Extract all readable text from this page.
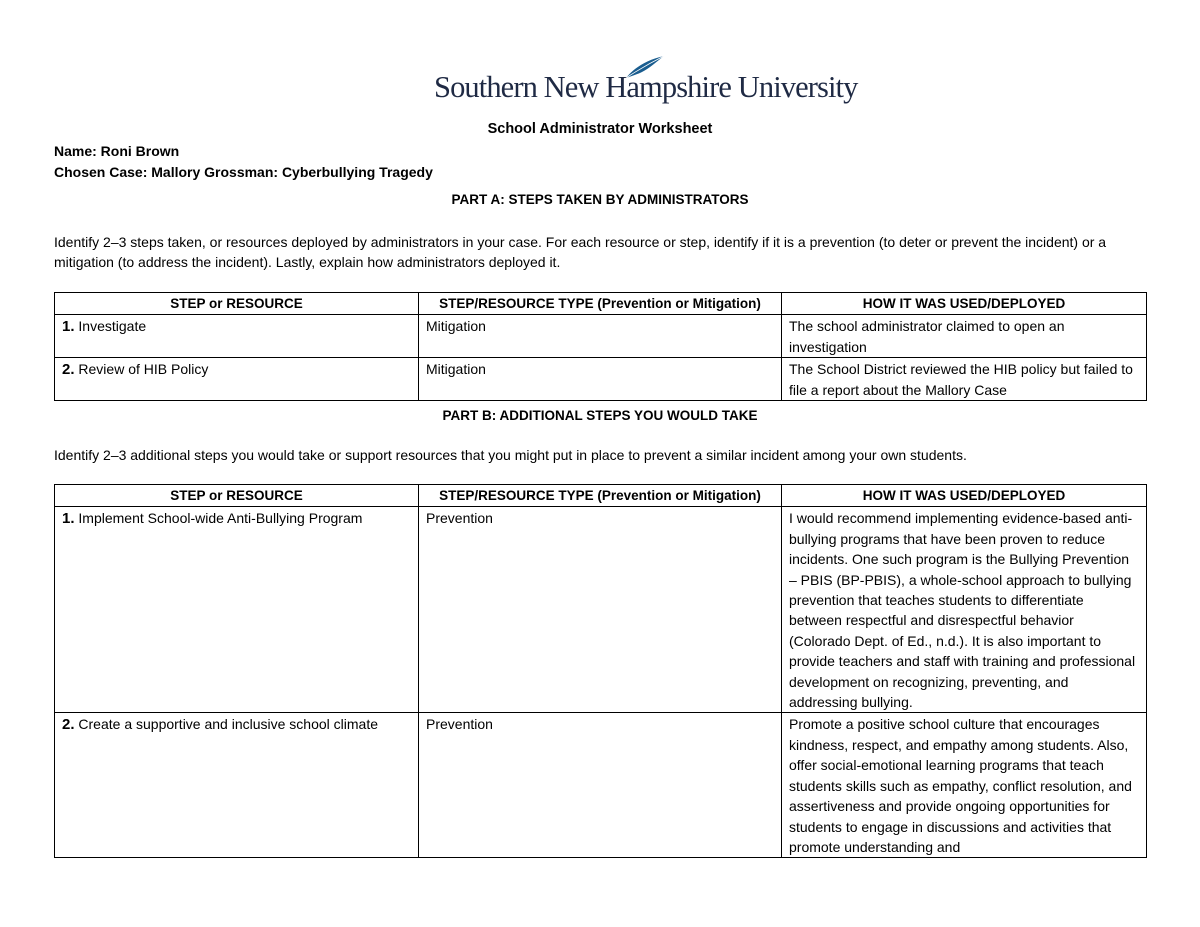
Southern New Hampshire University
School Administrator Worksheet
Name: Roni Brown
Chosen Case: Mallory Grossman: Cyberbullying Tragedy
PART A: STEPS TAKEN BY ADMINISTRATORS
Identify 2–3 steps taken, or resources deployed by administrators in your case. For each resource or step, identify if it is a prevention (to deter or prevent the incident) or a mitigation (to address the incident). Lastly, explain how administrators deployed it.
STEP or RESOURCE	STEP/RESOURCE TYPE (Prevention or Mitigation)	HOW IT WAS USED/DEPLOYED
1. Investigate	Mitigation	The school administrator claimed to open an investigation
2. Review of HIB Policy	Mitigation	The School District reviewed the HIB policy but failed to file a report about the Mallory Case
PART B: ADDITIONAL STEPS YOU WOULD TAKE
Identify 2–3 additional steps you would take or support resources that you might put in place to prevent a similar incident among your own students.
STEP or RESOURCE	STEP/RESOURCE TYPE (Prevention or Mitigation)	HOW IT WAS USED/DEPLOYED
1. Implement School-wide Anti-Bullying Program	Prevention	I would recommend implementing evidence-based anti-bullying programs that have been proven to reduce incidents. One such program is the Bullying Prevention – PBIS (BP-PBIS), a whole-school approach to bullying prevention that teaches students to differentiate between respectful and disrespectful behavior (Colorado Dept. of Ed., n.d.). It is also important to provide teachers and staff with training and professional development on recognizing, preventing, and addressing bullying.
2. Create a supportive and inclusive school climate	Prevention	Promote a positive school culture that encourages kindness, respect, and empathy among students. Also, offer social-emotional learning programs that teach students skills such as empathy, conflict resolution, and assertiveness and provide ongoing opportunities for students to engage in discussions and activities that promote understanding and
